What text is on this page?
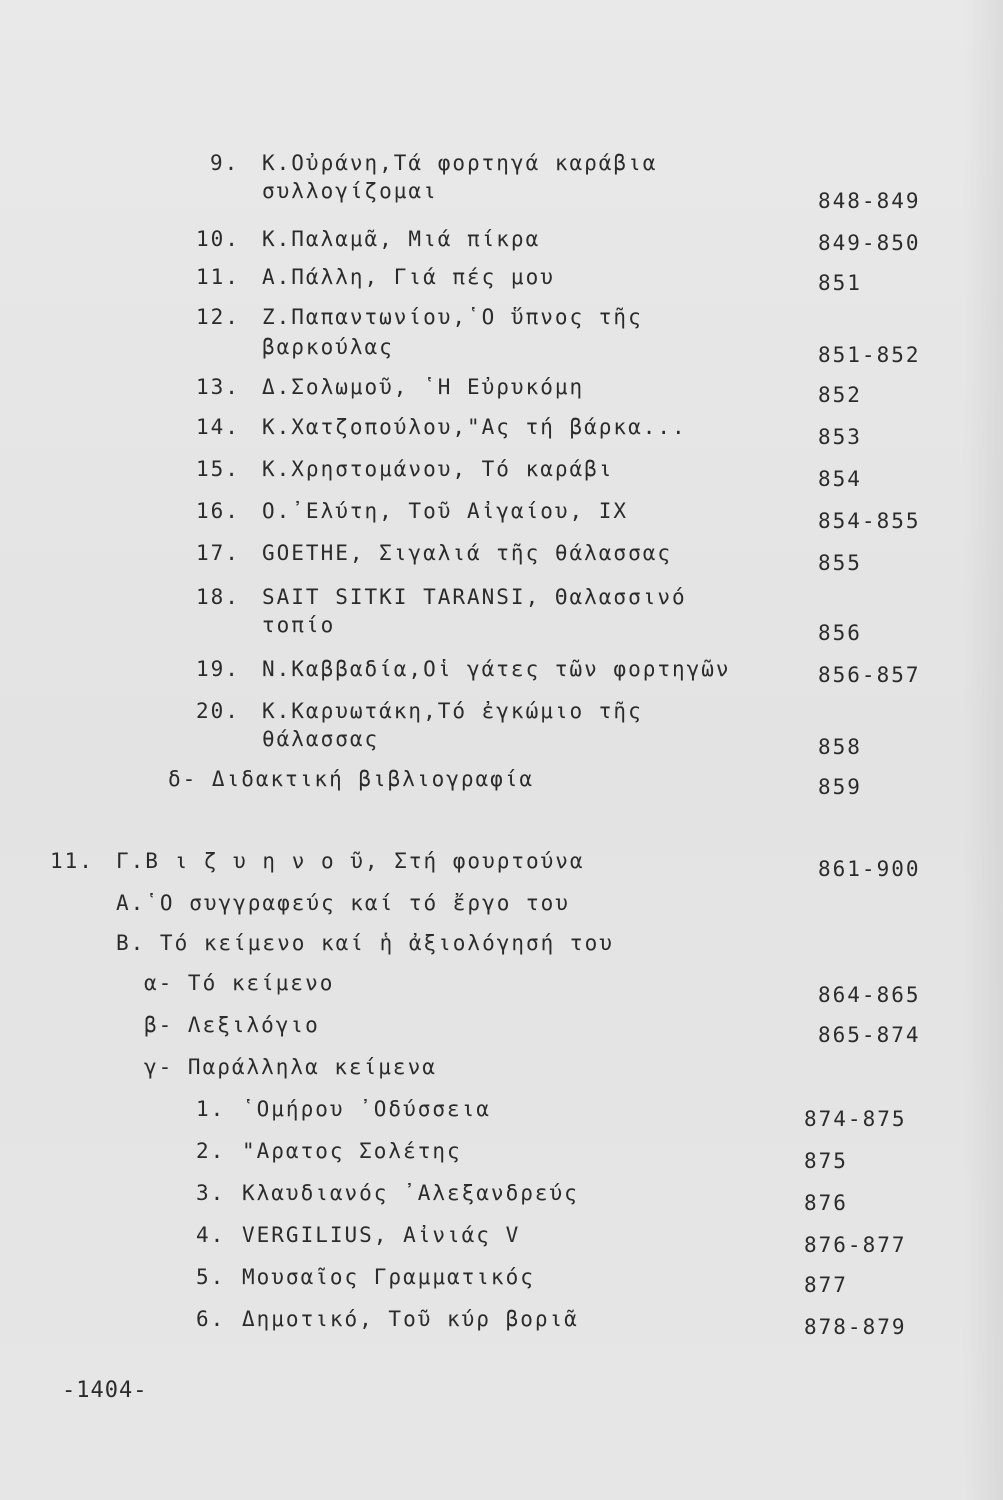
9. Κ.Οὐράνη,Τά φορτηγά καράβια
συλλογίζομαι	848-849
10. Κ.Παλαμᾶ, Μιά πίκρα	849-850
11. Α.Πάλλη, Γιά πές μου	851
12. Ζ.Παπαντωνίου,῾Ο ὕπνος τῆς
βαρκούλας	851-852
13. Δ.Σολωμοῦ, ῾Η Εὐρυκόμη	852
14. Κ.Χατζοπούλου,"Ας τή βάρκα...	853
15. Κ.Χρηστομάνου, Τό καράβι	854
16. Ο.᾿Ελύτη, Τοῦ Αἰγαίου, IX	854-855
17. GOETHE, Σιγαλιά τῆς θάλασσας	855
18. SAIT SITKI TARANSI, Θαλασσινό
τοπίο	856
19. Ν.Καββαδία,Οἱ γάτες τῶν φορτηγῶν	856-857
20. Κ.Καρυωτάκη,Τό ἐγκώμιο τῆς
θάλασσας	858
δ- Διδακτική βιβλιογραφία	859
11. Γ.Β ι ζ υ η ν ο ῦ, Στή φουρτούνα	861-900
Α.῾Ο συγγραφεύς καί τό ἔργο του
Β. Τό κείμενο καί ἡ ἀξιολόγησή του
α- Τό κείμενο	864-865
β- Λεξιλόγιο	865-874
γ- Παράλληλα κείμενα
1. ῾Ομήρου ᾿Οδύσσεια	874-875
2. "Αρατος Σολέτης	875
3. Κλαυδιανός ᾿Αλεξανδρεύς	876
4. VERGILIUS, Αἰνιάς V	876-877
5. Μουσαῖος Γραμματικός	877
6. Δημοτικό, Τοῦ κύρ βοριᾶ	878-879
-1404-
